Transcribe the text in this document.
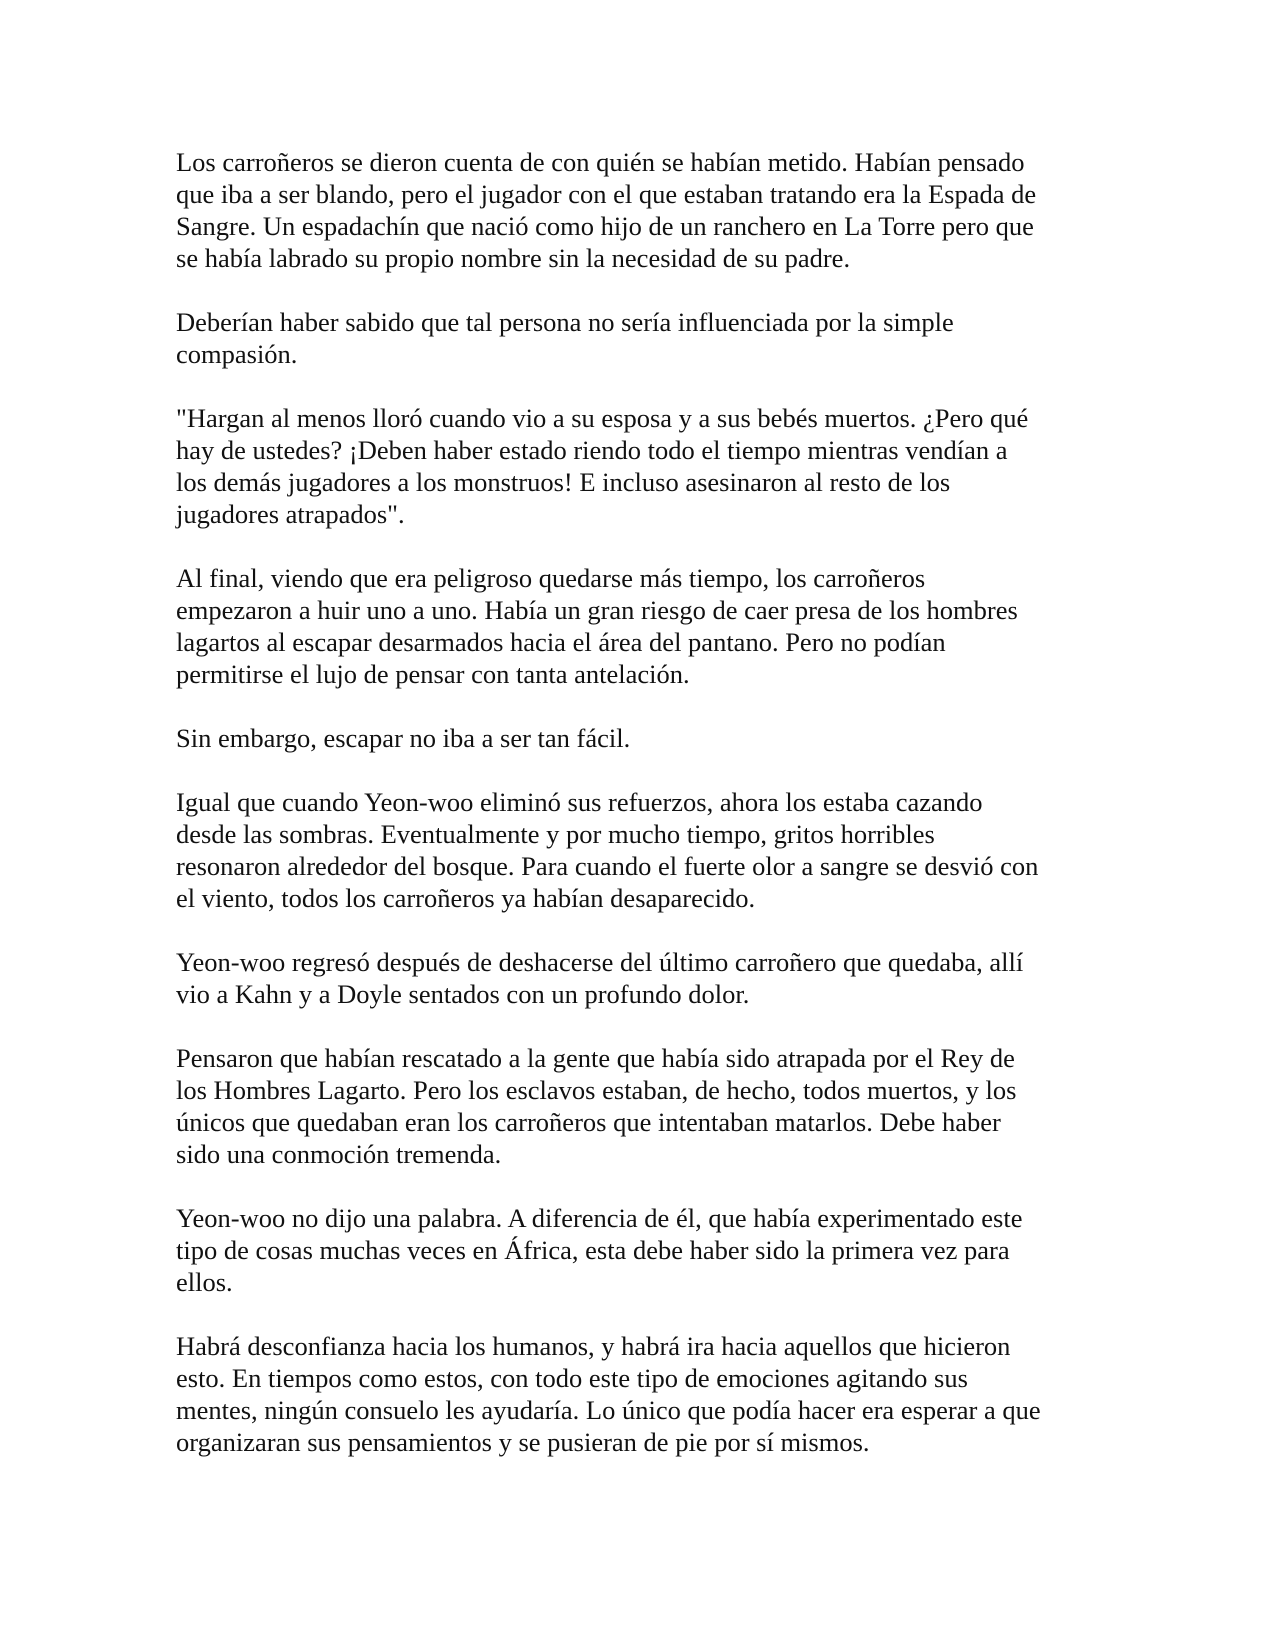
Los carroñeros se dieron cuenta de con quién se habían metido. Habían pensado
que iba a ser blando, pero el jugador con el que estaban tratando era la Espada de
Sangre. Un espadachín que nació como hijo de un ranchero en La Torre pero que
se había labrado su propio nombre sin la necesidad de su padre.

Deberían haber sabido que tal persona no sería influenciada por la simple
compasión.

"Hargan al menos lloró cuando vio a su esposa y a sus bebés muertos. ¿Pero qué
hay de ustedes? ¡Deben haber estado riendo todo el tiempo mientras vendían a
los demás jugadores a los monstruos! E incluso asesinaron al resto de los
jugadores atrapados".

Al final, viendo que era peligroso quedarse más tiempo, los carroñeros
empezaron a huir uno a uno. Había un gran riesgo de caer presa de los hombres
lagartos al escapar desarmados hacia el área del pantano. Pero no podían
permitirse el lujo de pensar con tanta antelación.

Sin embargo, escapar no iba a ser tan fácil.

Igual que cuando Yeon-woo eliminó sus refuerzos, ahora los estaba cazando
desde las sombras. Eventualmente y por mucho tiempo, gritos horribles
resonaron alrededor del bosque. Para cuando el fuerte olor a sangre se desvió con
el viento, todos los carroñeros ya habían desaparecido.

Yeon-woo regresó después de deshacerse del último carroñero que quedaba, allí
vio a Kahn y a Doyle sentados con un profundo dolor.

Pensaron que habían rescatado a la gente que había sido atrapada por el Rey de
los Hombres Lagarto. Pero los esclavos estaban, de hecho, todos muertos, y los
únicos que quedaban eran los carroñeros que intentaban matarlos. Debe haber
sido una conmoción tremenda.

Yeon-woo no dijo una palabra. A diferencia de él, que había experimentado este
tipo de cosas muchas veces en África, esta debe haber sido la primera vez para
ellos.

Habrá desconfianza hacia los humanos, y habrá ira hacia aquellos que hicieron
esto. En tiempos como estos, con todo este tipo de emociones agitando sus
mentes, ningún consuelo les ayudaría. Lo único que podía hacer era esperar a que
organizaran sus pensamientos y se pusieran de pie por sí mismos.
